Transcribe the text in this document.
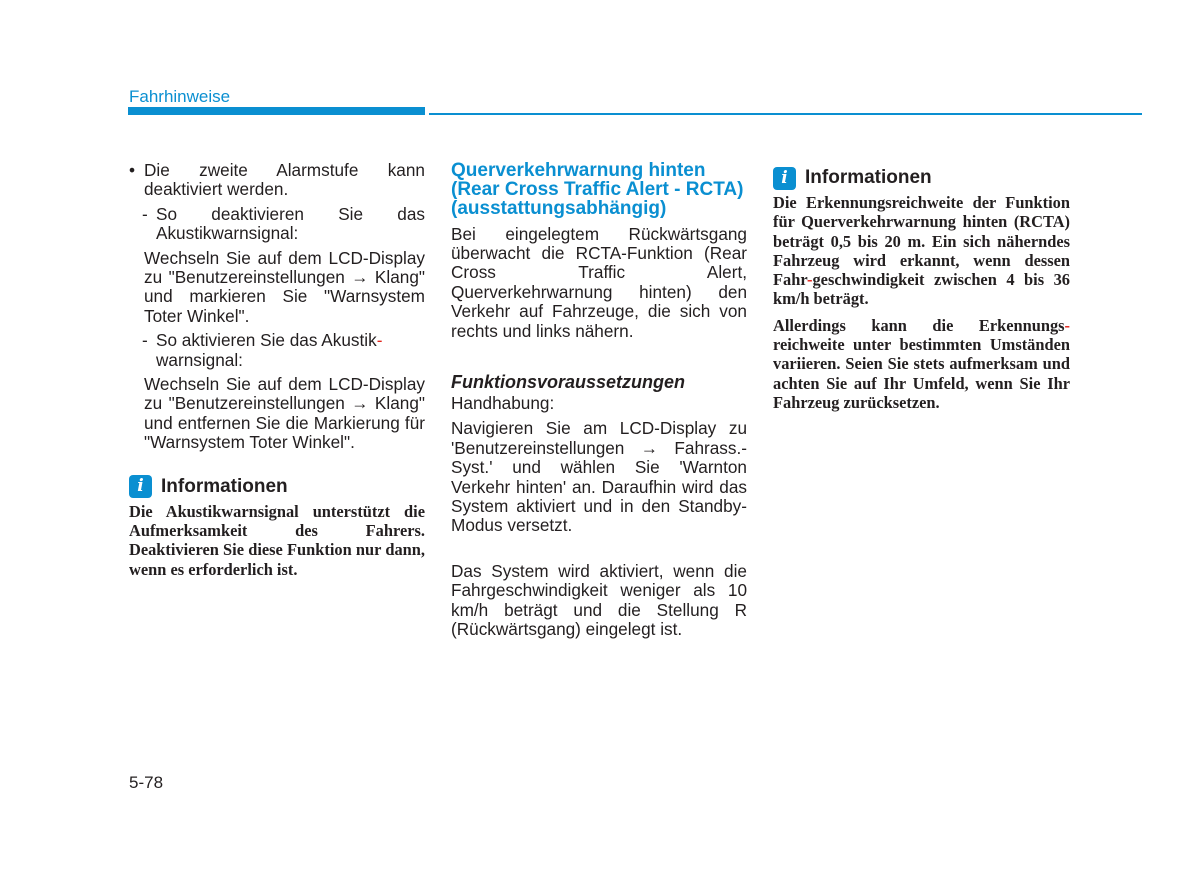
Fahrhinweise
• Die zweite Alarmstufe kann deaktiviert werden.
- So deaktivieren Sie das Akustikwarnsignal:

Wechseln Sie auf dem LCD-Display zu "Benutzereinstellungen → Klang" und markieren Sie "Warnsystem Toter Winkel".

- So aktivieren Sie das Akustik-
warnsignal:

Wechseln Sie auf dem LCD-Display zu "Benutzereinstellungen → Klang" und entfernen Sie die Markierung für "Warnsystem Toter Winkel".

i Informationen

Die Akustikwarnsignal unterstützt die Aufmerksamkeit des Fahrers. Deaktivieren Sie diese Funktion nur dann, wenn es erforderlich ist.

Querverkehrwarnung hinten (Rear Cross Traffic Alert - RCTA) (ausstattungsabhängig)

Bei eingelegtem Rückwärtsgang überwacht die RCTA-Funktion (Rear Cross Traffic Alert, Querverkehrwarnung hinten) den Verkehr auf Fahrzeuge, die sich von rechts und links nähern.

Funktionsvoraussetzungen

Handhabung:

Navigieren Sie am LCD-Display zu 'Benutzereinstellungen → Fahrass.-Syst.' und wählen Sie 'Warnton Verkehr hinten' an. Daraufhin wird das System aktiviert und in den Standby-Modus versetzt.

Das System wird aktiviert, wenn die Fahrgeschwindigkeit weniger als 10 km/h beträgt und die Stellung R (Rückwärtsgang) eingelegt ist.

i Informationen

Die Erkennungsreichweite der Funktion für Querverkehrwarnung hinten (RCTA) beträgt 0,5 bis 20 m. Ein sich näherndes Fahrzeug wird erkannt, wenn dessen Fahr-geschwindigkeit zwischen 4 bis 36 km/h beträgt.

Allerdings kann die Erkennungs-reichweite unter bestimmten Umständen variieren. Seien Sie stets aufmerksam und achten Sie auf Ihr Umfeld, wenn Sie Ihr Fahrzeug zurücksetzen.

5-78
